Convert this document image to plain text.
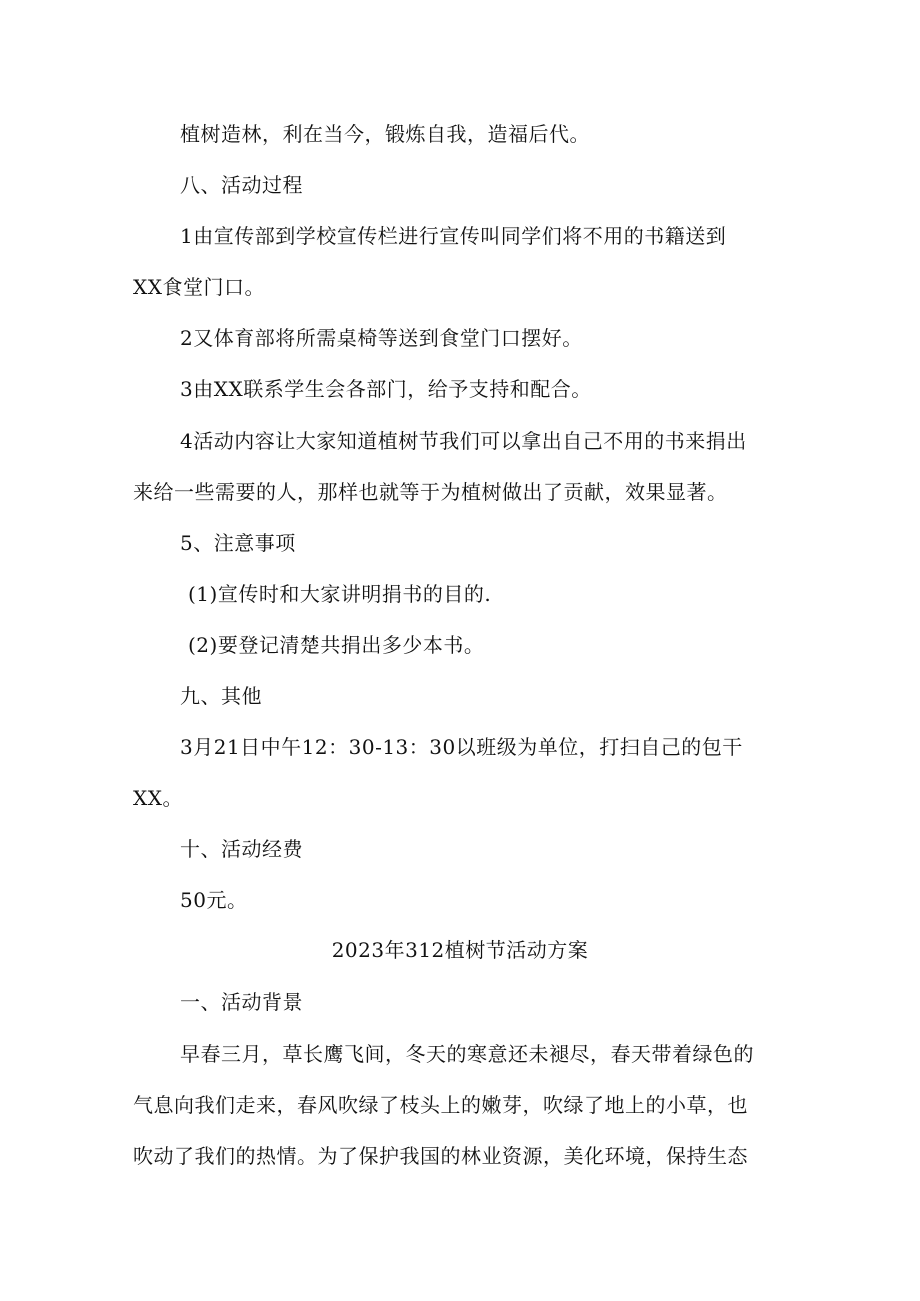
植树造林，利在当今，锻炼自我，造福后代。
八、活动过程
1由宣传部到学校宣传栏进行宣传叫同学们将不用的书籍送到
XX食堂门口。
2又体育部将所需桌椅等送到食堂门口摆好。
3由XX联系学生会各部门，给予支持和配合。
4活动内容让大家知道植树节我们可以拿出自己不用的书来捐出
来给一些需要的人，那样也就等于为植树做出了贡献，效果显著。
5、注意事项
(1)宣传时和大家讲明捐书的目的.
(2)要登记清楚共捐出多少本书。
九、其他
3月21日中午12：30-13：30以班级为单位，打扫自己的包干
XX。
十、活动经费
50元。
2023年312植树节活动方案
一、活动背景
早春三月，草长鹰飞间，冬天的寒意还未褪尽，春天带着绿色的
气息向我们走来，春风吹绿了枝头上的嫩芽，吹绿了地上的小草，也
吹动了我们的热情。为了保护我国的林业资源，美化环境，保持生态
